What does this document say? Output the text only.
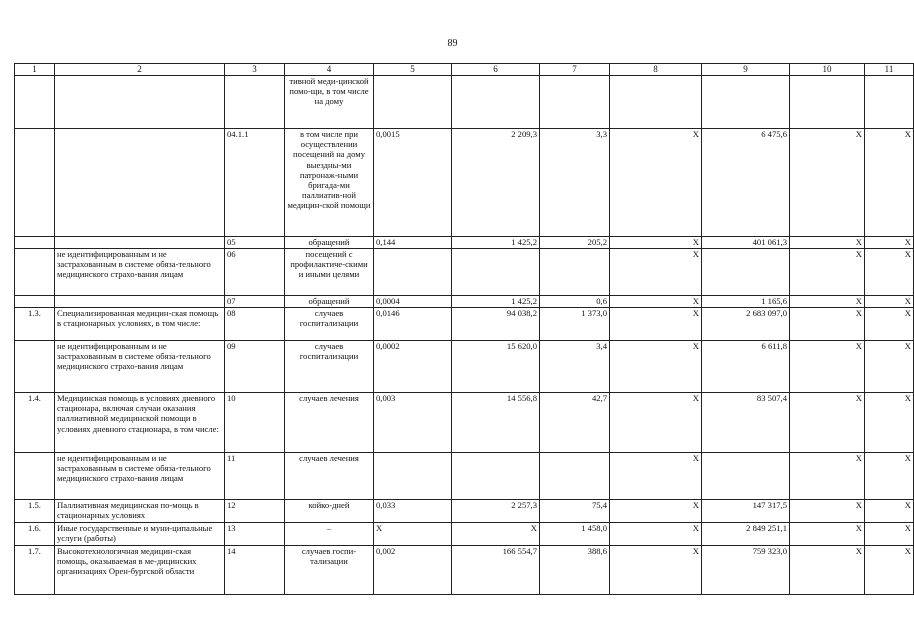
89
1	2	3	4	5	6	7	8	9	10	11
			тивной меди-цинской помо-щи, в том числе на дому							
		04.1.1	в том числе при осуществлении посещений на дому выездны-ми патронаж-ными бригада-ми паллиатив-ной медицин-ской помощи	0,0015	2 209,3	3,3	X	6 475,6	X	X
		05	обращений	0,144	1 425,2	205,2	X	401 061,3	X	X
	не идентифицированным и не застрахованным в системе обяза-тельного медицинского страхо-вания лицам	06	посещений с профилактиче-скими и иными целями				X		X	X
		07	обращений	0,0004	1 425,2	0,6	X	1 165,6	X	X
1.3.	Специализированная медицин-ская помощь в стационарных условиях, в том числе:	08	случаев госпитализации	0,0146	94 038,2	1 373,0	X	2 683 097,0	X	X
	не идентифицированным и не застрахованным в системе обяза-тельного медицинского страхо-вания лицам	09	случаев госпитализации	0,0002	15 620,0	3,4	X	6 611,8	X	X
1.4.	Медицинская помощь в условиях дневного стационара, включая случаи оказания паллиативной медицинской помощи в условиях дневного стационара, в том числе:	10	случаев лечения	0,003	14 556,8	42,7	X	83 507,4	X	X
	не идентифицированным и не застрахованным в системе обяза-тельного медицинского страхо-вания лицам	11	случаев лечения				X		X	X
1.5.	Паллиативная медицинская по-мощь в стационарных условиях	12	койко-дней	0,033	2 257,3	75,4	X	147 317,5	X	X
1.6.	Иные государственные и муни-ципальные услуги (работы)	13	–	X	X	1 458,0	X	2 849 251,1	X	X
1.7.	Высокотехнологичная медицин-ская помощь, оказываемая в ме-дицинских организациях Орен-бургской области	14	случаев госпи-тализации	0,002	166 554,7	388,6	X	759 323,0	X	X
